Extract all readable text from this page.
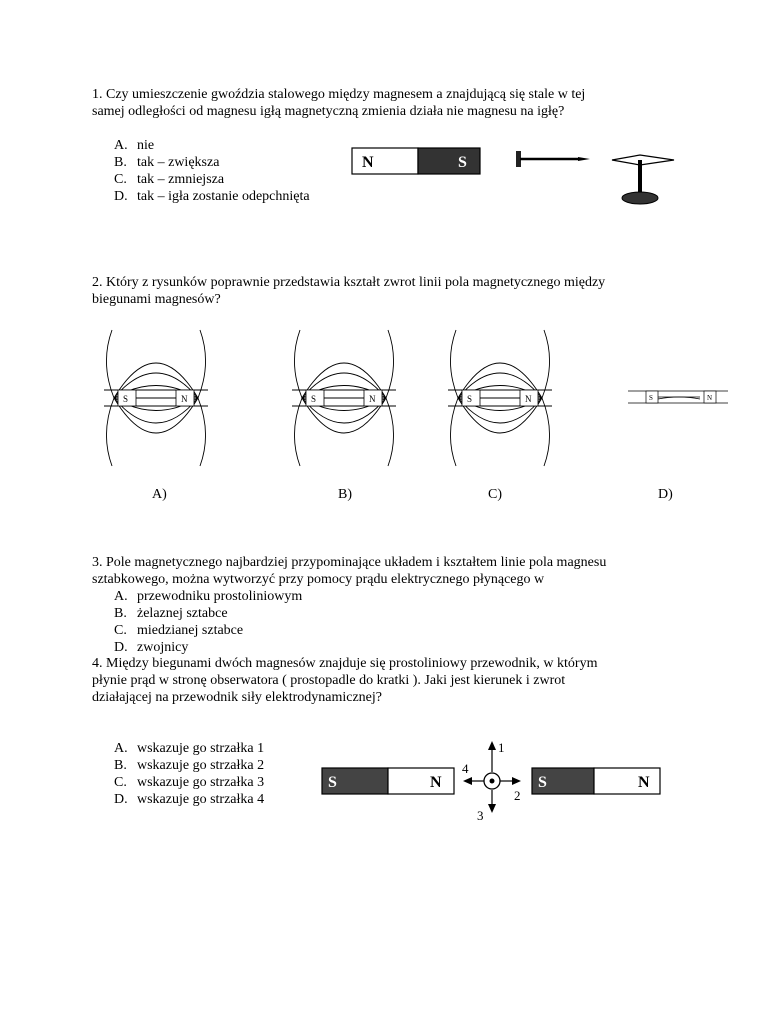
1. Czy umieszczenie gwoździa stalowego między magnesem a znajdującą się stale w tej

samej odległości od magnesu igłą magnetyczną zmienia działa nie magnesu na igłę?

A. nie
B. tak – zwiększa
C. tak – zmniejsza
D. tak – igła zostanie odepchnięta
N	S

2. Który z rysunków poprawnie przedstawia kształt zwrot linii pola magnetycznego między

biegunami magnesów?

S	N
A)
S	N
B)
S	N
C)
S	N
D)

3. Pole magnetycznego najbardziej przypominające układem i kształtem linie pola magnesu

sztabkowego, można wytworzyć przy pomocy prądu elektrycznego płynącego w

A. przewodniku prostoliniowym
B. żelaznej sztabce
C. miedzianej sztabce
D. zwojnicy

4. Między biegunami dwóch magnesów znajduje się prostoliniowy przewodnik, w którym

płynie prąd w stronę obserwatora ( prostopadle do kratki ). Jaki jest kierunek i zwrot

działającej na przewodnik siły elektrodynamicznej?

A. wskazuje go strzałka 1
B. wskazuje go strzałka 2
C. wskazuje go strzałka 3
D. wskazuje go strzałka 4
S	N
1
2
3
4
S	N
